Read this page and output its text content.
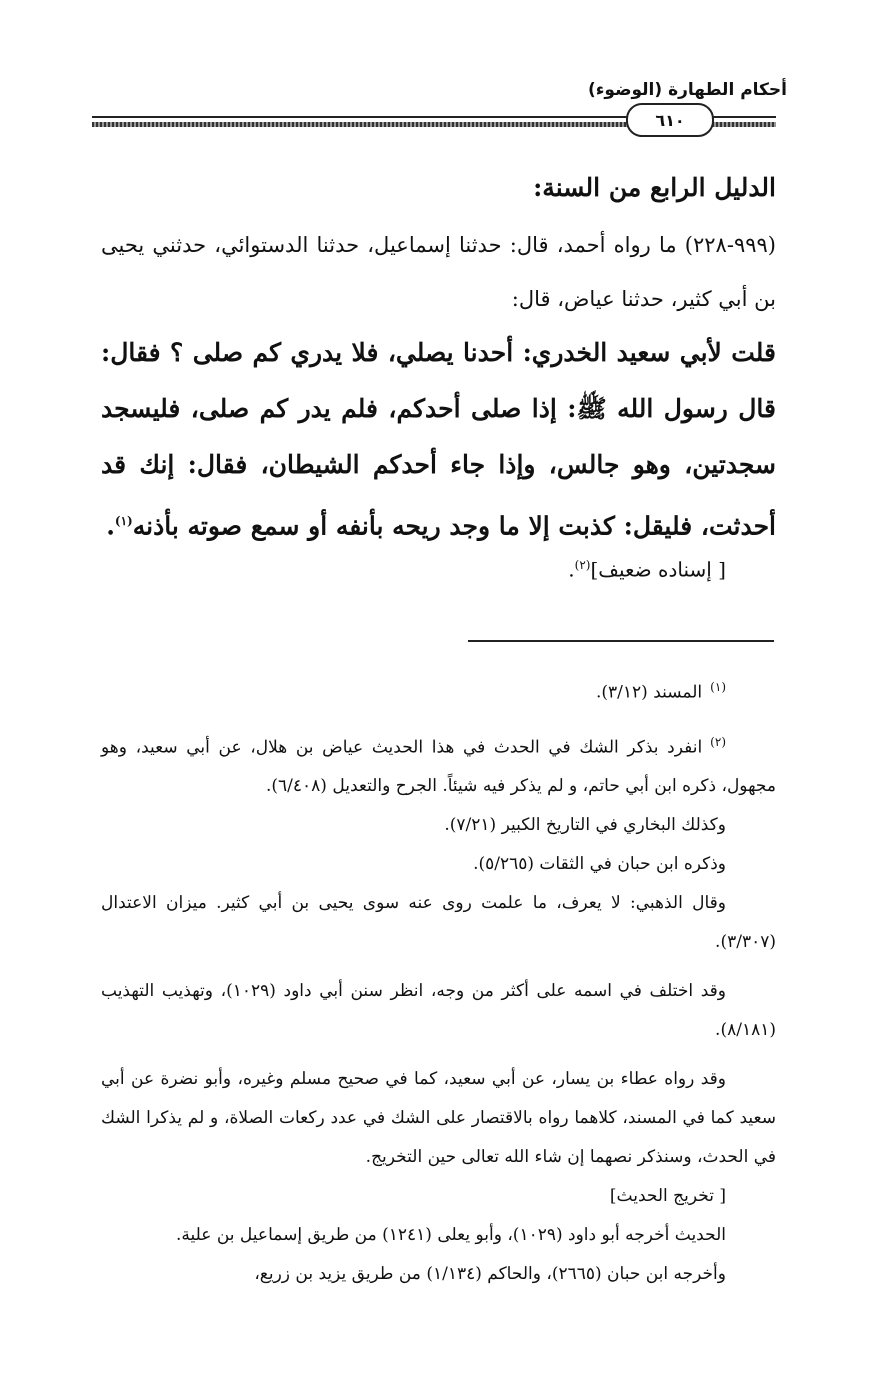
أحكام الطهارة (الوضوء)
٦١٠
الدليل الرابع من السنة:
(٩٩٩-٢٢٨) ما رواه أحمد، قال: حدثنا إسماعيل، حدثنا الدستوائي، حدثني يحيى بن أبي كثير، حدثنا عياض، قال:
قلت لأبي سعيد الخدري: أحدنا يصلي، فلا يدري كم صلى ؟ فقال: قال رسول الله ﷺ: إذا صلى أحدكم، فلم يدر كم صلى، فليسجد سجدتين، وهو جالس، وإذا جاء أحدكم الشيطان، فقال: إنك قد أحدثت، فليقل: كذبت إلا ما وجد ريحه بأنفه أو سمع صوته بأذنه$^{(١)}$.
[ إسناده ضعيف]$^{(٢)}$.

$^{(١)}$المسند (٣/١٢).

$^{(٢)}$انفرد بذكر الشك في الحدث في هذا الحديث عياض بن هلال، عن أبي سعيد، وهو مجهول، ذكره ابن أبي حاتم، و لم يذكر فيه شيئاً. الجرح والتعديل (٦/٤٠٨).

وكذلك البخاري في التاريخ الكبير (٧/٢١).

وذكره ابن حبان في الثقات (٥/٢٦٥).

وقال الذهبي: لا يعرف، ما علمت روى عنه سوى يحيى بن أبي كثير. ميزان الاعتدال (٣/٣٠٧).

وقد اختلف في اسمه على أكثر من وجه، انظر سنن أبي داود (١٠٢٩)، وتهذيب التهذيب (٨/١٨١).

وقد رواه عطاء بن يسار، عن أبي سعيد، كما في صحيح مسلم وغيره، وأبو نضرة عن أبي سعيد كما في المسند، كلاهما رواه بالاقتصار على الشك في عدد ركعات الصلاة، و لم يذكرا الشك في الحدث، وسنذكر نصهما إن شاء الله تعالى حين التخريج.

[ تخريج الحديث]

الحديث أخرجه أبو داود (١٠٢٩)، وأبو يعلى (١٢٤١) من طريق إسماعيل بن علية.

وأخرجه ابن حبان (٢٦٦٥)، والحاكم (١/١٣٤) من طريق يزيد بن زريع،
